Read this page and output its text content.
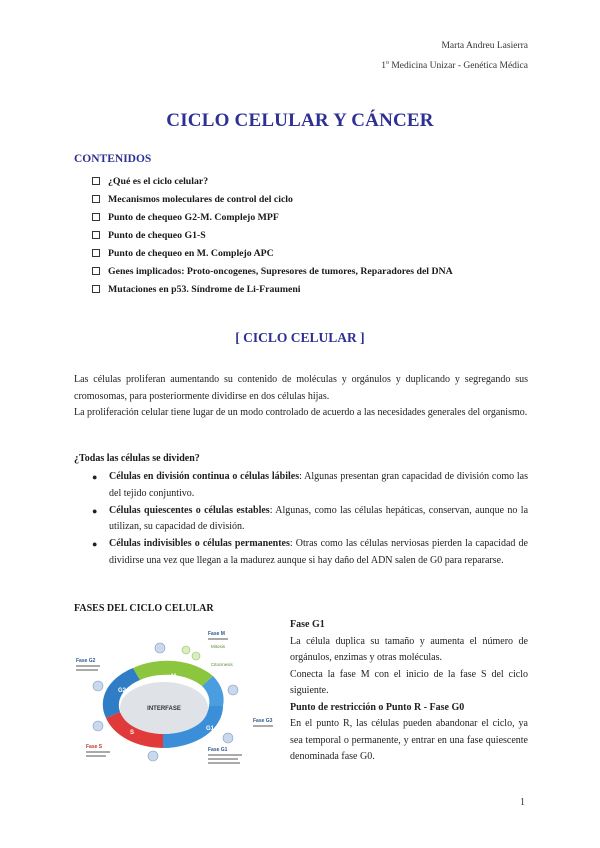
Marta Andreu Lasierra
1$^o$ Medicina Unizar - Genética Médica
CICLO CELULAR Y CÁNCER
CONTENIDOS
¿Qué es el ciclo celular?
Mecanismos moleculares de control del ciclo
Punto de chequeo G2-M. Complejo MPF
Punto de chequeo G1-S
Punto de chequeo en M. Complejo APC
Genes implicados: Proto-oncogenes, Supresores de tumores, Reparadores del DNA
Mutaciones en p53. Síndrome de Li-Fraumeni
[ CICLO CELULAR ]
Las células proliferan aumentando su contenido de moléculas y orgánulos y duplicando y segregando sus cromosomas, para posteriormente dividirse en dos células hijas.
La proliferación celular tiene lugar de un modo controlado de acuerdo a las necesidades generales del organismo.
¿Todas las células se dividen?
● Células en división continua o células lábiles: Algunas presentan gran capacidad de división como las del tejido conjuntivo.
● Células quiescentes o células estables: Algunas, como las células hepáticas, conservan, aunque no la utilizan, su capacidad de división.
● Células indivisibles o células permanentes: Otras como las células nerviosas pierden la capacidad de dividirse una vez que llegan a la madurez aunque si hay daño del ADN salen de G0 para repararse.
FASES DEL CICLO CELULAR
Fase G2
Fase M
Citocinesis
Mitosis
Fase G3
Fase G1
Fase S
INTERFASE
M
G1
S
G2
Fase G1
La célula duplica su tamaño y aumenta el número de orgánulos, enzimas y otras moléculas.
Conecta la fase M con el inicio de la fase S del ciclo siguiente.
Punto de restricción o Punto R - Fase G0
En el punto R, las células pueden abandonar el ciclo, ya sea temporal o permanente, y entrar en una fase quiescente denominada fase G0.
1
